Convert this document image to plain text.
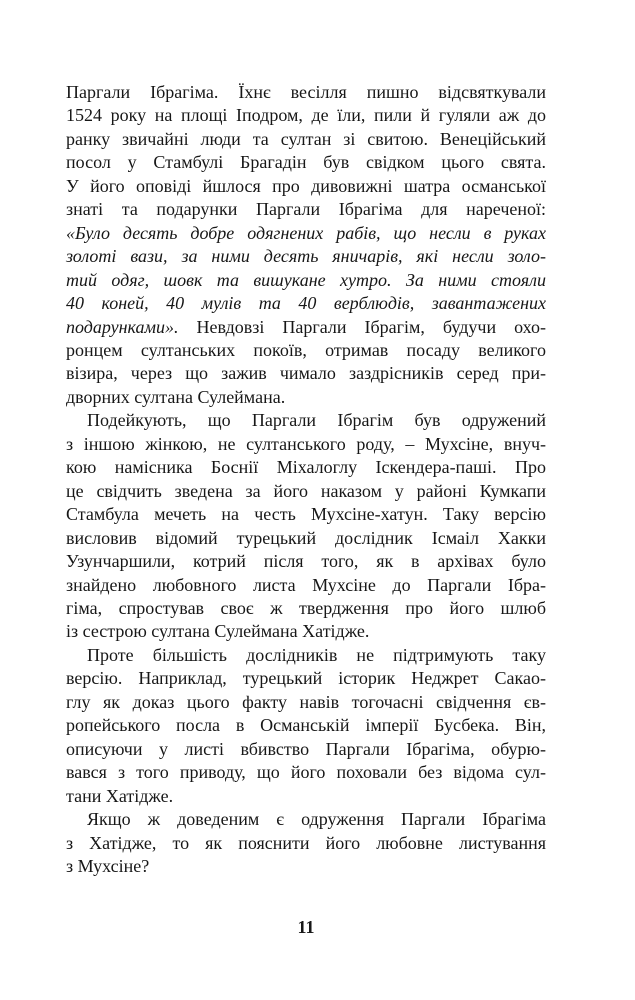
Паргали Ібрагіма. Їхнє весілля пишно відсвяткували
1524 року на площі Іподром, де їли, пили й гуляли аж до
ранку звичайні люди та султан зі свитою. Венеційський
посол у Стамбулі Брагадін був свідком цього свята.
У його оповіді йшлося про дивовижні шатра османської
знаті та подарунки Паргали Ібрагіма для нареченої:
«Було десять добре одягнених рабів, що несли в руках
золоті вази, за ними десять яничарів, які несли золо-
тий одяг, шовк та вишукане хутро. За ними стояли
40 коней, 40 мулів та 40 верблюдів, завантажених
подарунками». Невдовзі Паргали Ібрагім, будучи охо-
ронцем султанських покоїв, отримав посаду великого
візира, через що зажив чимало заздрісників серед при-
дворних султана Сулеймана.
Подейкують, що Паргали Ібрагім був одружений
з іншою жінкою, не султанського роду, – Мухсіне, внуч-
кою намісника Боснії Міхалоглу Іскендера-паші. Про
це свідчить зведена за його наказом у районі Кумкапи
Стамбула мечеть на честь Мухсіне-хатун. Таку версію
висловив відомий турецький дослідник Ісмаіл Хакки
Узунчаршили, котрий після того, як в архівах було
знайдено любовного листа Мухсіне до Паргали Ібра-
гіма, спростував своє ж твердження про його шлюб
із сестрою султана Сулеймана Хатідже.
Проте більшість дослідників не підтримують таку
версію. Наприклад, турецький історик Неджрет Сакао-
глу як доказ цього факту навів тогочасні свідчення єв-
ропейського посла в Османській імперії Бусбека. Він,
описуючи у листі вбивство Паргали Ібрагіма, обурю-
вався з того приводу, що його поховали без відома сул-
тани Хатідже.
Якщо ж доведеним є одруження Паргали Ібрагіма
з Хатідже, то як пояснити його любовне листування
з Мухсіне?
11
